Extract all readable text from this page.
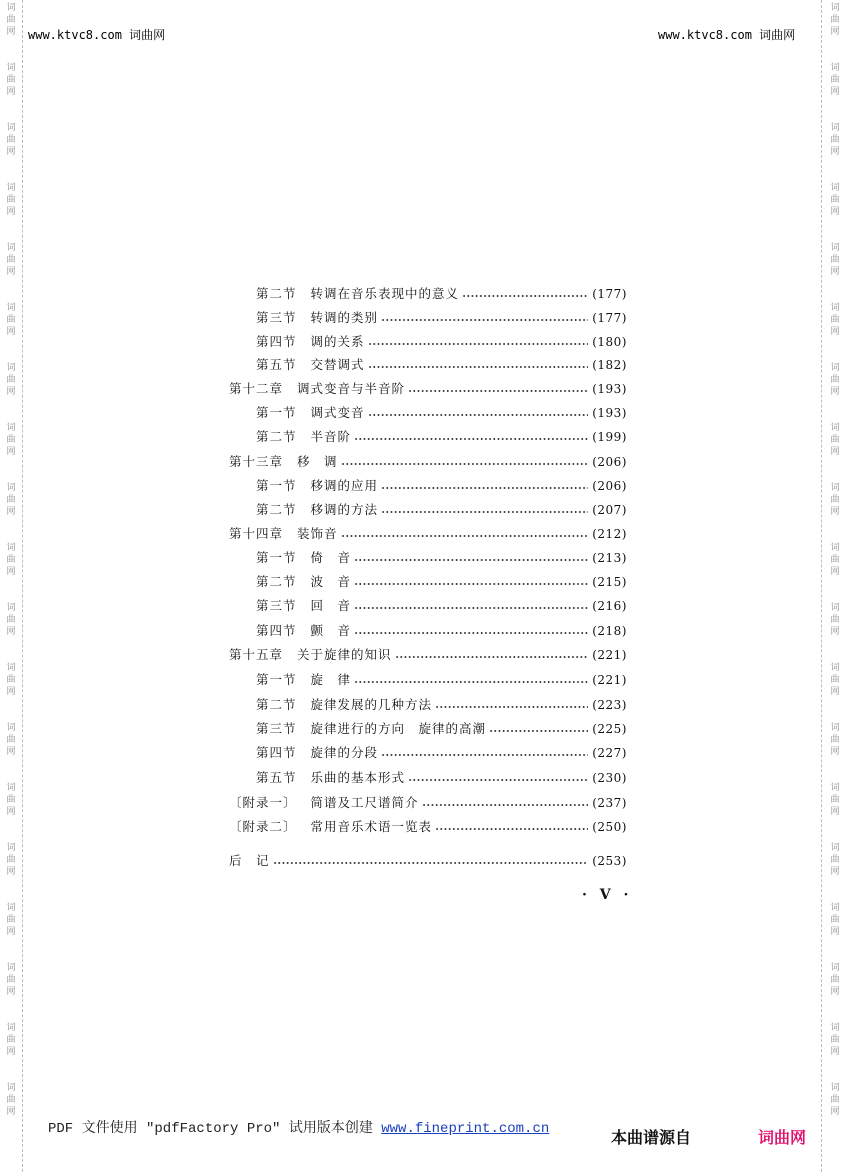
词
曲
网
词
曲
网
词
曲
网
词
曲
网
词
曲
网
词
曲
网
词
曲
网
词
曲
网
词
曲
网
词
曲
网
词
曲
网
词
曲
网
词
曲
网
词
曲
网
词
曲
网
词
曲
网
词
曲
网
词
曲
网
词
曲
网
词
曲
网
词
曲
网
词
曲
网
词
曲
网
词
曲
网
词
曲
网
词
曲
网
词
曲
网
词
曲
网
词
曲
网
词
曲
网
词
曲
网
词
曲
网
词
曲
网
词
曲
网
词
曲
网
词
曲
网
词
曲
网
词
曲
网
www.ktvc8.com 词曲网	www.ktvc8.com 词曲网
第二节 转调在音乐表现中的意义	(177)
第三节 转调的类别	(177)
第四节 调的关系	(180)
第五节 交替调式	(182)
第十二章 调式变音与半音阶	(193)
第一节 调式变音	(193)
第二节 半音阶	(199)
第十三章 移　调	(206)
第一节 移调的应用	(206)
第二节 移调的方法	(207)
第十四章 装饰音	(212)
第一节 倚　音	(213)
第二节 波　音	(215)
第三节 回　音	(216)
第四节 颤　音	(218)
第十五章 关于旋律的知识	(221)
第一节 旋　律	(221)
第二节 旋律发展的几种方法	(223)
第三节 旋律进行的方向　旋律的高潮	(225)
第四节 旋律的分段	(227)
第五节 乐曲的基本形式	(230)
〔附录一〕 简谱及工尺谱简介	(237)
〔附录二〕 常用音乐术语一览表	(250)
后　记	(253)
· Ⅴ ·
PDF 文件使用 "pdfFactory Pro" 试用版本创建 www.fineprint.com.cn	本曲谱源自	词曲网
